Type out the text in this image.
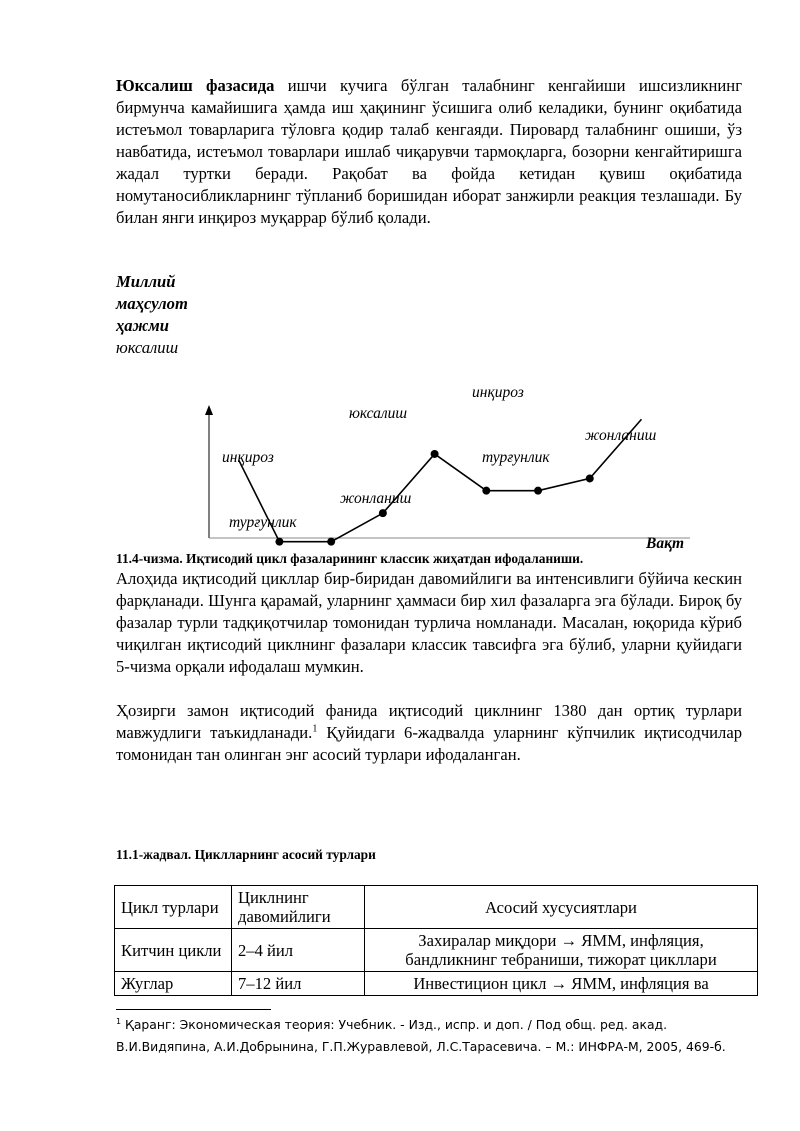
Юксалиш фазасида ишчи кучига бўлган талабнинг кенгайиши ишсизликнинг бирмунча камайишига ҳамда иш ҳақининг ўсишига олиб келадики, бунинг оқибатида истеъмол товарларига тўловга қодир талаб кенгаяди. Пировард талабнинг ошиши, ўз навбатида, истеъмол товарлари ишлаб чиқарувчи тармоқларга, бозорни кенгайтиришга жадал туртки беради. Рақобат ва фойда кетидан қувиш оқибатида номутаносибликларнинг тўпланиб боришидан иборат занжирли реакция тезлашади. Бу билан янги инқироз муқаррар бўлиб қолади.

Миллий
маҳсулот
ҳажми
юксалиш
инқироз
турғунлик
жонланиш
юксалиш
инқироз
турғунлик
жонланиш
Вақт
11.4-чизма. Иқтисодий цикл фазаларининг классик жиҳатдан ифодаланиши.

Алоҳида иқтисодий цикллар бир-биридан давомийлиги ва интенсивлиги бўйича кескин фарқланади. Шунга қарамай, уларнинг ҳаммаси бир хил фазаларга эга бўлади. Бироқ бу фазалар турли тадқиқотчилар томонидан турлича номланади. Масалан, юқорида кўриб чиқилган иқтисодий циклнинг фазалари классик тавсифга эга бўлиб, уларни қуйидаги 5-чизма орқали ифодалаш мумкин.

Ҳозирги замон иқтисодий фанида иқтисодий циклнинг 1380 дан ортиқ турлари мавжудлиги таъкидланади.$^1$ Қуйидаги 6-жадвалда уларнинг кўпчилик иқтисодчилар томонидан тан олинган энг асосий турлари ифодаланган.

11.1-жадвал. Циклларнинг асосий турлари
Цикл турлари	Циклнинг давомийлиги	Асосий хусусиятлари
Китчин цикли	2–4 йил	Захиралар миқдори → ЯММ, инфляция, бандликнинг тебраниши, тижорат цикллари
Жуглар	7–12 йил	Инвестицион цикл → ЯММ, инфляция ва
$^1$ Қаранг: Экономическая теория: Учебник. - Изд., испр. и доп. / Под общ. ред. акад. В.И.Видяпина, А.И.Добрынина, Г.П.Журавлевой, Л.С.Тарасевича. – М.: ИНФРА-М, 2005, 469-б.
